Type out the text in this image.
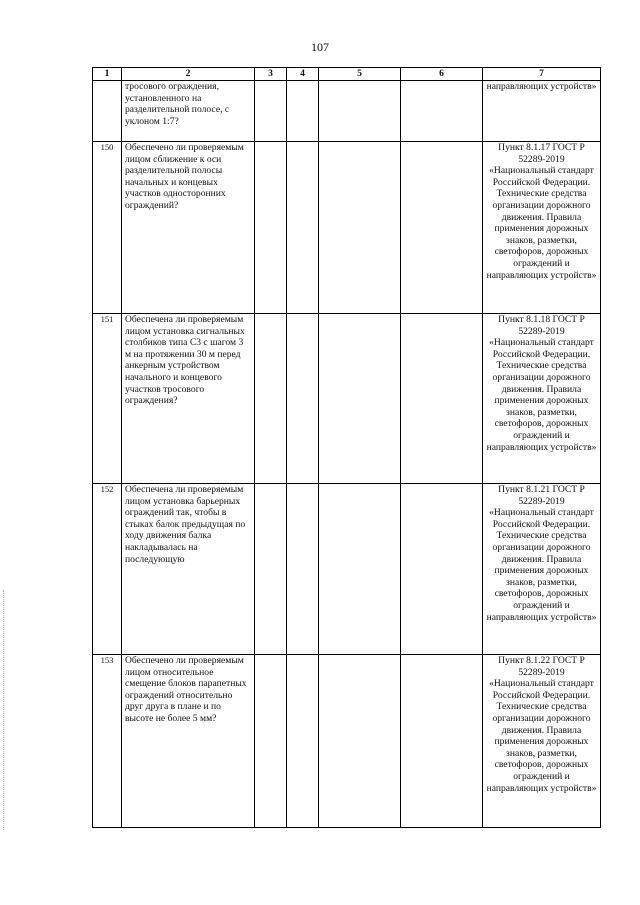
107
1	2	3	4	5	6	7
	тросового ограждения, установленного на разделительной полосе, с уклоном 1:7?					направляющих устройств»
150	Обеспечено ли проверяемым лицом сближение к оси разделительной полосы начальных и концевых участков односторонних ограждений?					Пункт 8.1.17 ГОСТ Р 52289-2019 «Национальный стандарт Российской Федерации. Технические средства организации дорожного движения. Правила применения дорожных знаков, разметки, светофоров, дорожных ограждений и направляющих устройств»
151	Обеспечена ли проверяемым лицом установка сигнальных столбиков типа С3 с шагом 3 м на протяжении 30 м перед анкерным устройством начального и концевого участков тросового ограждения?					Пункт 8.1.18 ГОСТ Р 52289-2019 «Национальный стандарт Российской Федерации. Технические средства организации дорожного движения. Правила применения дорожных знаков, разметки, светофоров, дорожных ограждений и направляющих устройств»
152	Обеспечена ли проверяемым лицом установка барьерных ограждений так, чтобы в стыках балок предыдущая по ходу движения балка накладывалась на последующую					Пункт 8.1.21 ГОСТ Р 52289-2019 «Национальный стандарт Российской Федерации. Технические средства организации дорожного движения. Правила применения дорожных знаков, разметки, светофоров, дорожных ограждений и направляющих устройств»
153	Обеспечено ли проверяемым лицом относительное смещение блоков парапетных ограждений относительно друг друга в плане и по высоте не более 5 мм?					Пункт 8.1.22 ГОСТ Р 52289-2019 «Национальный стандарт Российской Федерации. Технические средства организации дорожного движения. Правила применения дорожных знаков, разметки, светофоров, дорожных ограждений и направляющих устройств»
